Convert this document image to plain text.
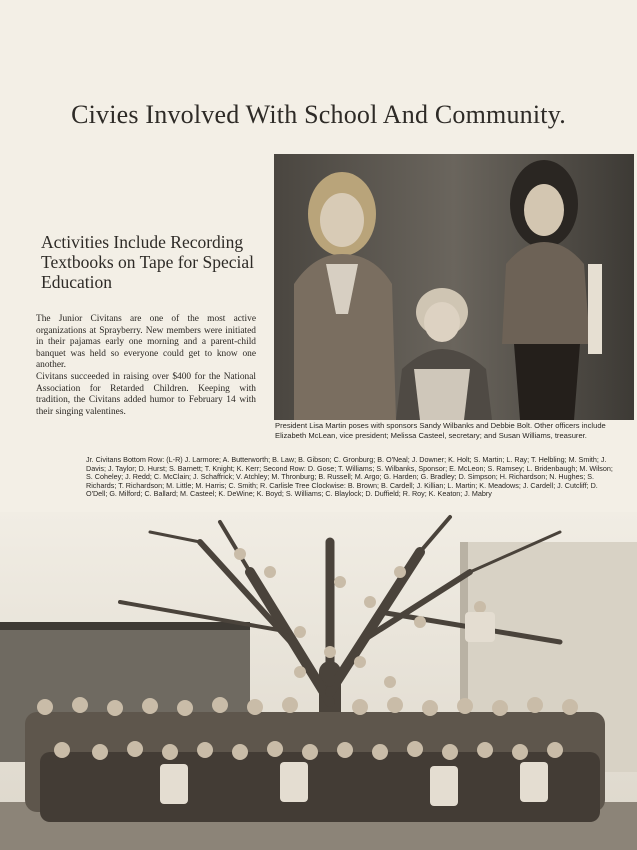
Civies Involved With School And Community.
Activities Include Recording Textbooks on Tape for Special Education

The Junior Civitans are one of the most active organizations at Sprayberry. New members were initiated in their pajamas early one morning and a parent-child banquet was held so everyone could get to know one another.

Civitans succeeded in raising over $400 for the National Association for Retarded Children. Keeping with tradition, the Civitans added humor to February 14 with their singing valentines.

President Lisa Martin poses with sponsors Sandy Wilbanks and Debbie Bolt. Other officers include Elizabeth McLean, vice president; Melissa Casteel, secretary; and Susan Williams, treasurer.

Jr. Civitans Bottom Row: (L-R) J. Larmore; A. Butterworth; B. Law; B. Gibson; C. Gronburg; B. O'Neal; J. Downer; K. Holt; S. Martin; L. Ray; T. Helbling; M. Smith; J. Davis; J. Taylor; D. Hurst; S. Barnett; T. Knight; K. Kerr; Second Row: D. Gose; T. Williams; S. Wilbanks, Sponsor; E. McLeon; S. Ramsey; L. Bridenbaugh; M. Wilson; S. Coheley; J. Redd; C. McClain; J. Schaffrick; V. Atchley; M. Thronburg; B. Russell; M. Argo; G. Harden; G. Bradley; D. Simpson; H. Richardson; N. Hughes; S. Richards; T. Richardson; M. Little; M. Harris; C. Smith; R. Carlisle Tree Clockwise: B. Brown; B. Cardell; J. Killian; L. Martin; K. Meadows; J. Cardell; J. Cutcliff; D. O'Dell; G. Milford; C. Ballard; M. Casteel; K. DeWine; K. Boyd; S. Williams; C. Blaylock; D. Duffield; R. Roy; K. Keaton; J. Mabry
